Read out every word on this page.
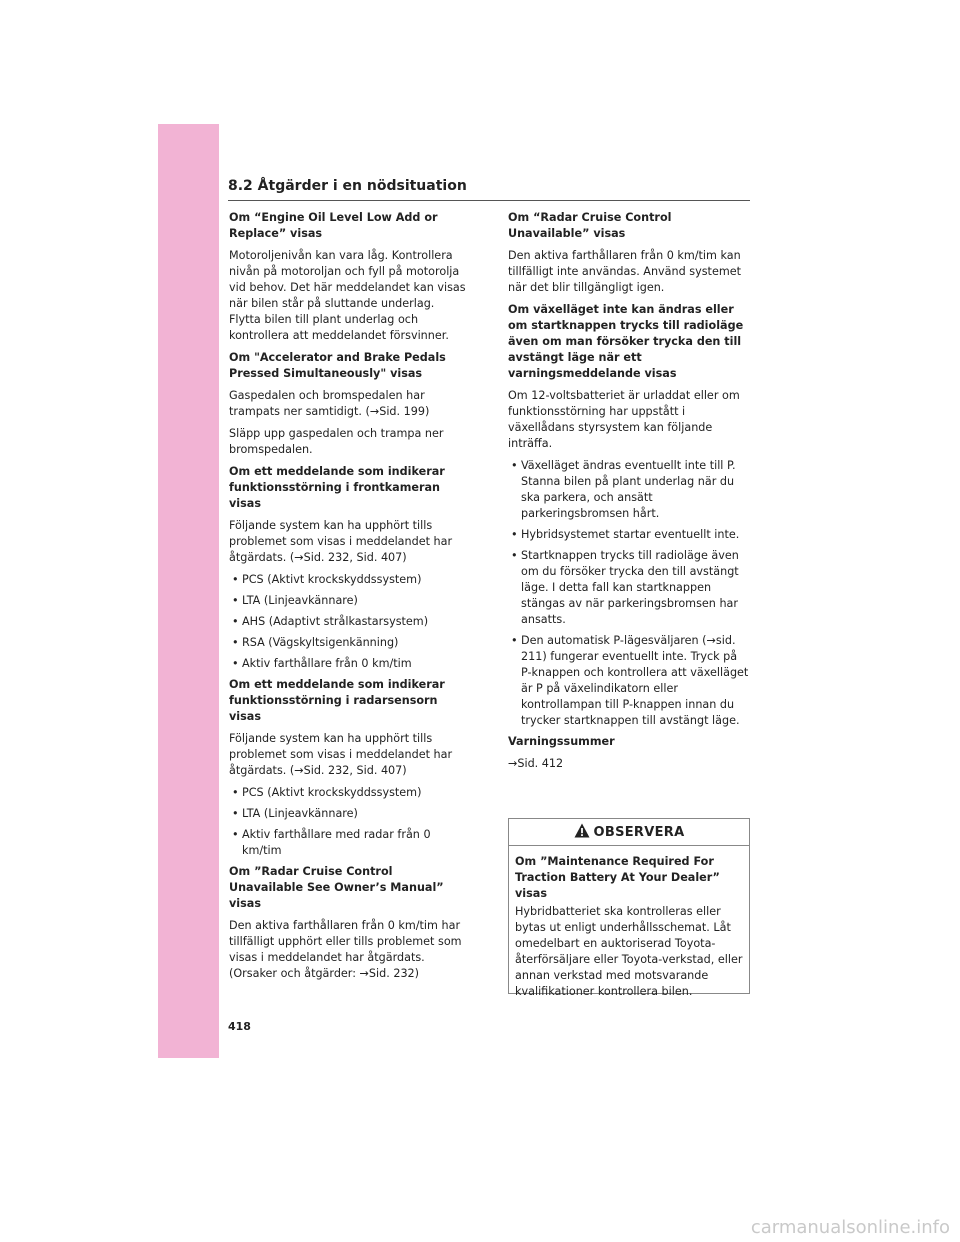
8.2 Åtgärder i en nödsituation
Om “Engine Oil Level Low Add or Replace” visas
Motoroljenivån kan vara låg. Kontrollera nivån på motoroljan och fyll på motorolja vid behov. Det här meddelandet kan visas när bilen står på sluttande underlag. Flytta bilen till plant underlag och kontrollera att meddelandet försvinner.
Om "Accelerator and Brake Pedals Pressed Simultaneously" visas
Gaspedalen och bromspedalen har trampats ner samtidigt. (→Sid. 199)
Släpp upp gaspedalen och trampa ner bromspedalen.
Om ett meddelande som indikerar funktionsstörning i frontkameran visas
Följande system kan ha upphört tills problemet som visas i meddelandet har åtgärdats. (→Sid. 232, Sid. 407)
• PCS (Aktivt krockskyddssystem)
• LTA (Linjeavkännare)
• AHS (Adaptivt strålkastarsystem)
• RSA (Vägskyltsigenkänning)
• Aktiv farthållare från 0 km/tim
Om ett meddelande som indikerar funktionsstörning i radarsensorn visas
Följande system kan ha upphört tills problemet som visas i meddelandet har åtgärdats. (→Sid. 232, Sid. 407)
• PCS (Aktivt krockskyddssystem)
• LTA (Linjeavkännare)
• Aktiv farthållare med radar från 0 km/tim
Om ”Radar Cruise Control Unavailable See Owner’s Manual” visas
Den aktiva farthållaren från 0 km/tim har tillfälligt upphört eller tills problemet som visas i meddelandet har åtgärdats. (Orsaker och åtgärder: →Sid. 232)
Om “Radar Cruise Control Unavailable” visas
Den aktiva farthållaren från 0 km/tim kan tillfälligt inte användas. Använd systemet när det blir tillgängligt igen.
Om växelläget inte kan ändras eller om startknappen trycks till radioläge även om man försöker trycka den till avstängt läge när ett varningsmeddelande visas
Om 12-voltsbatteriet är urladdat eller om funktionsstörning har uppstått i växellådans styrsystem kan följande inträffa.
• Växelläget ändras eventuellt inte till P. Stanna bilen på plant underlag när du ska parkera, och ansätt parkeringsbromsen hårt.
• Hybridsystemet startar eventuellt inte.
• Startknappen trycks till radioläge även om du försöker trycka den till avstängt läge. I detta fall kan startknappen stängas av när parkeringsbromsen har ansatts.
• Den automatisk P-lägesväljaren (→sid. 211) fungerar eventuellt inte. Tryck på P-knappen och kontrollera att växelläget är P på växelindikatorn eller kontrollampan till P-knappen innan du trycker startknappen till avstängt läge.
Varningssummer
→Sid. 412
OBSERVERA
Om ”Maintenance Required For Traction Battery At Your Dealer” visas
Hybridbatteriet ska kontrolleras eller bytas ut enligt underhållsschemat. Låt omedelbart en auktoriserad Toyota-återförsäljare eller Toyota-verkstad, eller annan verkstad med motsvarande kvalifikationer kontrollera bilen.
418
carmanualsonline.info
